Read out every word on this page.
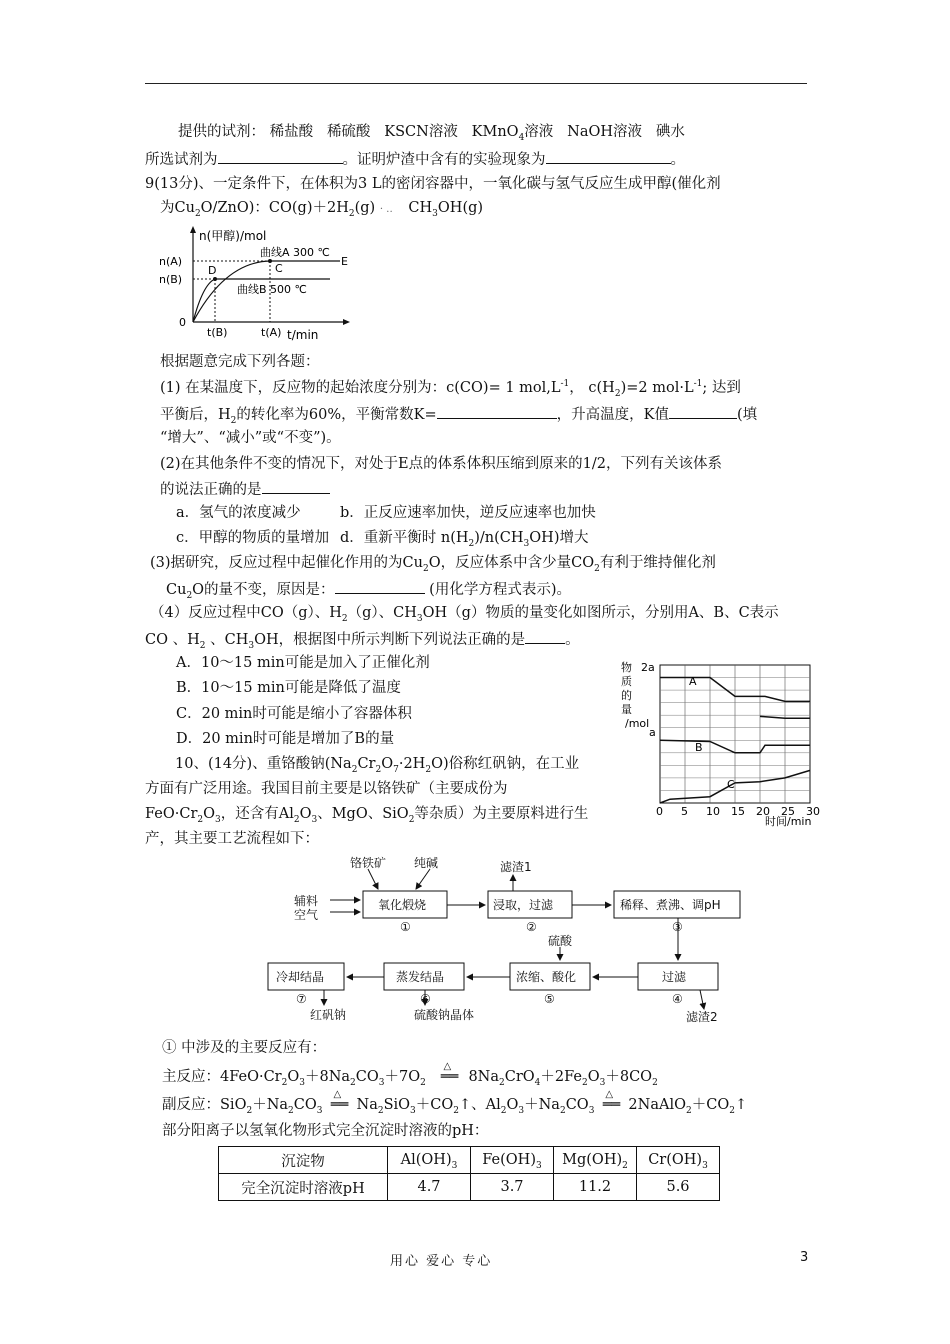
提供的试剂： 稀盐酸 稀硫酸 KSCN溶液 KMnO$_4$溶液 NaOH溶液 碘水
所选试剂为	。证明炉渣中含有的实验现象为	。
9(13分)、一定条件下，在体积为3 L的密闭容器中，一氧化碳与氢气反应生成甲醇(催化剂
为$Cu_2O/ZnO$)：$CO(g)+2H_2(g)$ · ‥ $CH_3OH(g)$
n(甲醇)/mol
n(A)
n(B)
0
D	C
E
曲线A 300 ℃
曲线B 500 ℃
t(B)	t(A) t/min
根据题意完成下列各题：
(1) 在某温度下，反应物的起始浓度分别为：c(CO)= 1 $mol,L^{-1}$， $c(H_2)=2$ $mol\cdot L^{-1}$; 达到
平衡后，$H_2$的转化率为60%，平衡常数K=	，升高温度，K值	(填
“增大”、“减小”或“不变”)。
(2)在其他条件不变的情况下，对处于E点的体系体积压缩到原来的1/2，下列有关该体系
的说法正确的是
a．氢气的浓度减少	b．正反应速率加快，逆反应速率也加快
c．甲醇的物质的量增加 d．重新平衡时 $n(H_2)/n(CH_3OH)$增大
(3)据研究，反应过程中起催化作用的为$Cu_2O$，反应体系中含少量$CO_2$有利于维持催化剂
$Cu_2O$的量不变，原因是：	(用化学方程式表示)。
（4）反应过程中CO（g）、$H_2(g)$、$CH_3OH(g)$物质的量变化如图所示，分别用A、B、C表示
CO 、$H_2$ 、$CH_3OH$，根据图中所示判断下列说法正确的是	。
A．10～15 min可能是加入了正催化剂
B．10～15 min可能是降低了温度
C．20 min时可能是缩小了容器体积
D．20 min时可能是增加了B的量
物
质
的
量
/mol
2a
a
A
B
C
0 5 10 15 20 25 30
时间/min
10、(14分)、重铬酸钠$(Na_2Cr_2O_7\cdot 2H_2O)$俗称红矾钠，在工业
方面有广泛用途。我国目前主要是以铬铁矿（主要成份为
$FeO\cdot Cr_2O_3$，还含有$Al_2O_3$、MgO、SiO$_2$等杂质）为主要原料进行生
产，其主要工艺流程如下：
铬铁矿 纯碱
辅料
空气
氧化煅烧	浸取，过滤	稀释、煮沸、调pH
过滤
浓缩、酸化
蒸发结晶
冷却结晶
①	②	③
④
⑤
⑥
⑦
滤渣1
滤渣2
硫酸
红矾钠	硫酸钠晶体
① 中涉及的主要反应有：
主反应：$4FeO\cdot Cr_2O_3+8Na_2CO_3+7O_2$
△
══ $8Na_2CrO_4+2Fe_2O_3+8CO_2$
副反应：$SiO_2+Na_2CO_3$
△
══ $Na_2SiO_3+CO_2↑$、$Al_2O_3+Na_2CO_3$
△
══ $2NaAlO_2+CO_2↑$
部分阳离子以氢氧化物形式完全沉淀时溶液的pH：
沉淀物	$Al(OH)_3$	$Fe(OH)_3$	$Mg(OH)_2$	$Cr(OH)_3$
完全沉淀时溶液pH	4.7	3.7	11.2	5.6
用心 爱心 专心	3
